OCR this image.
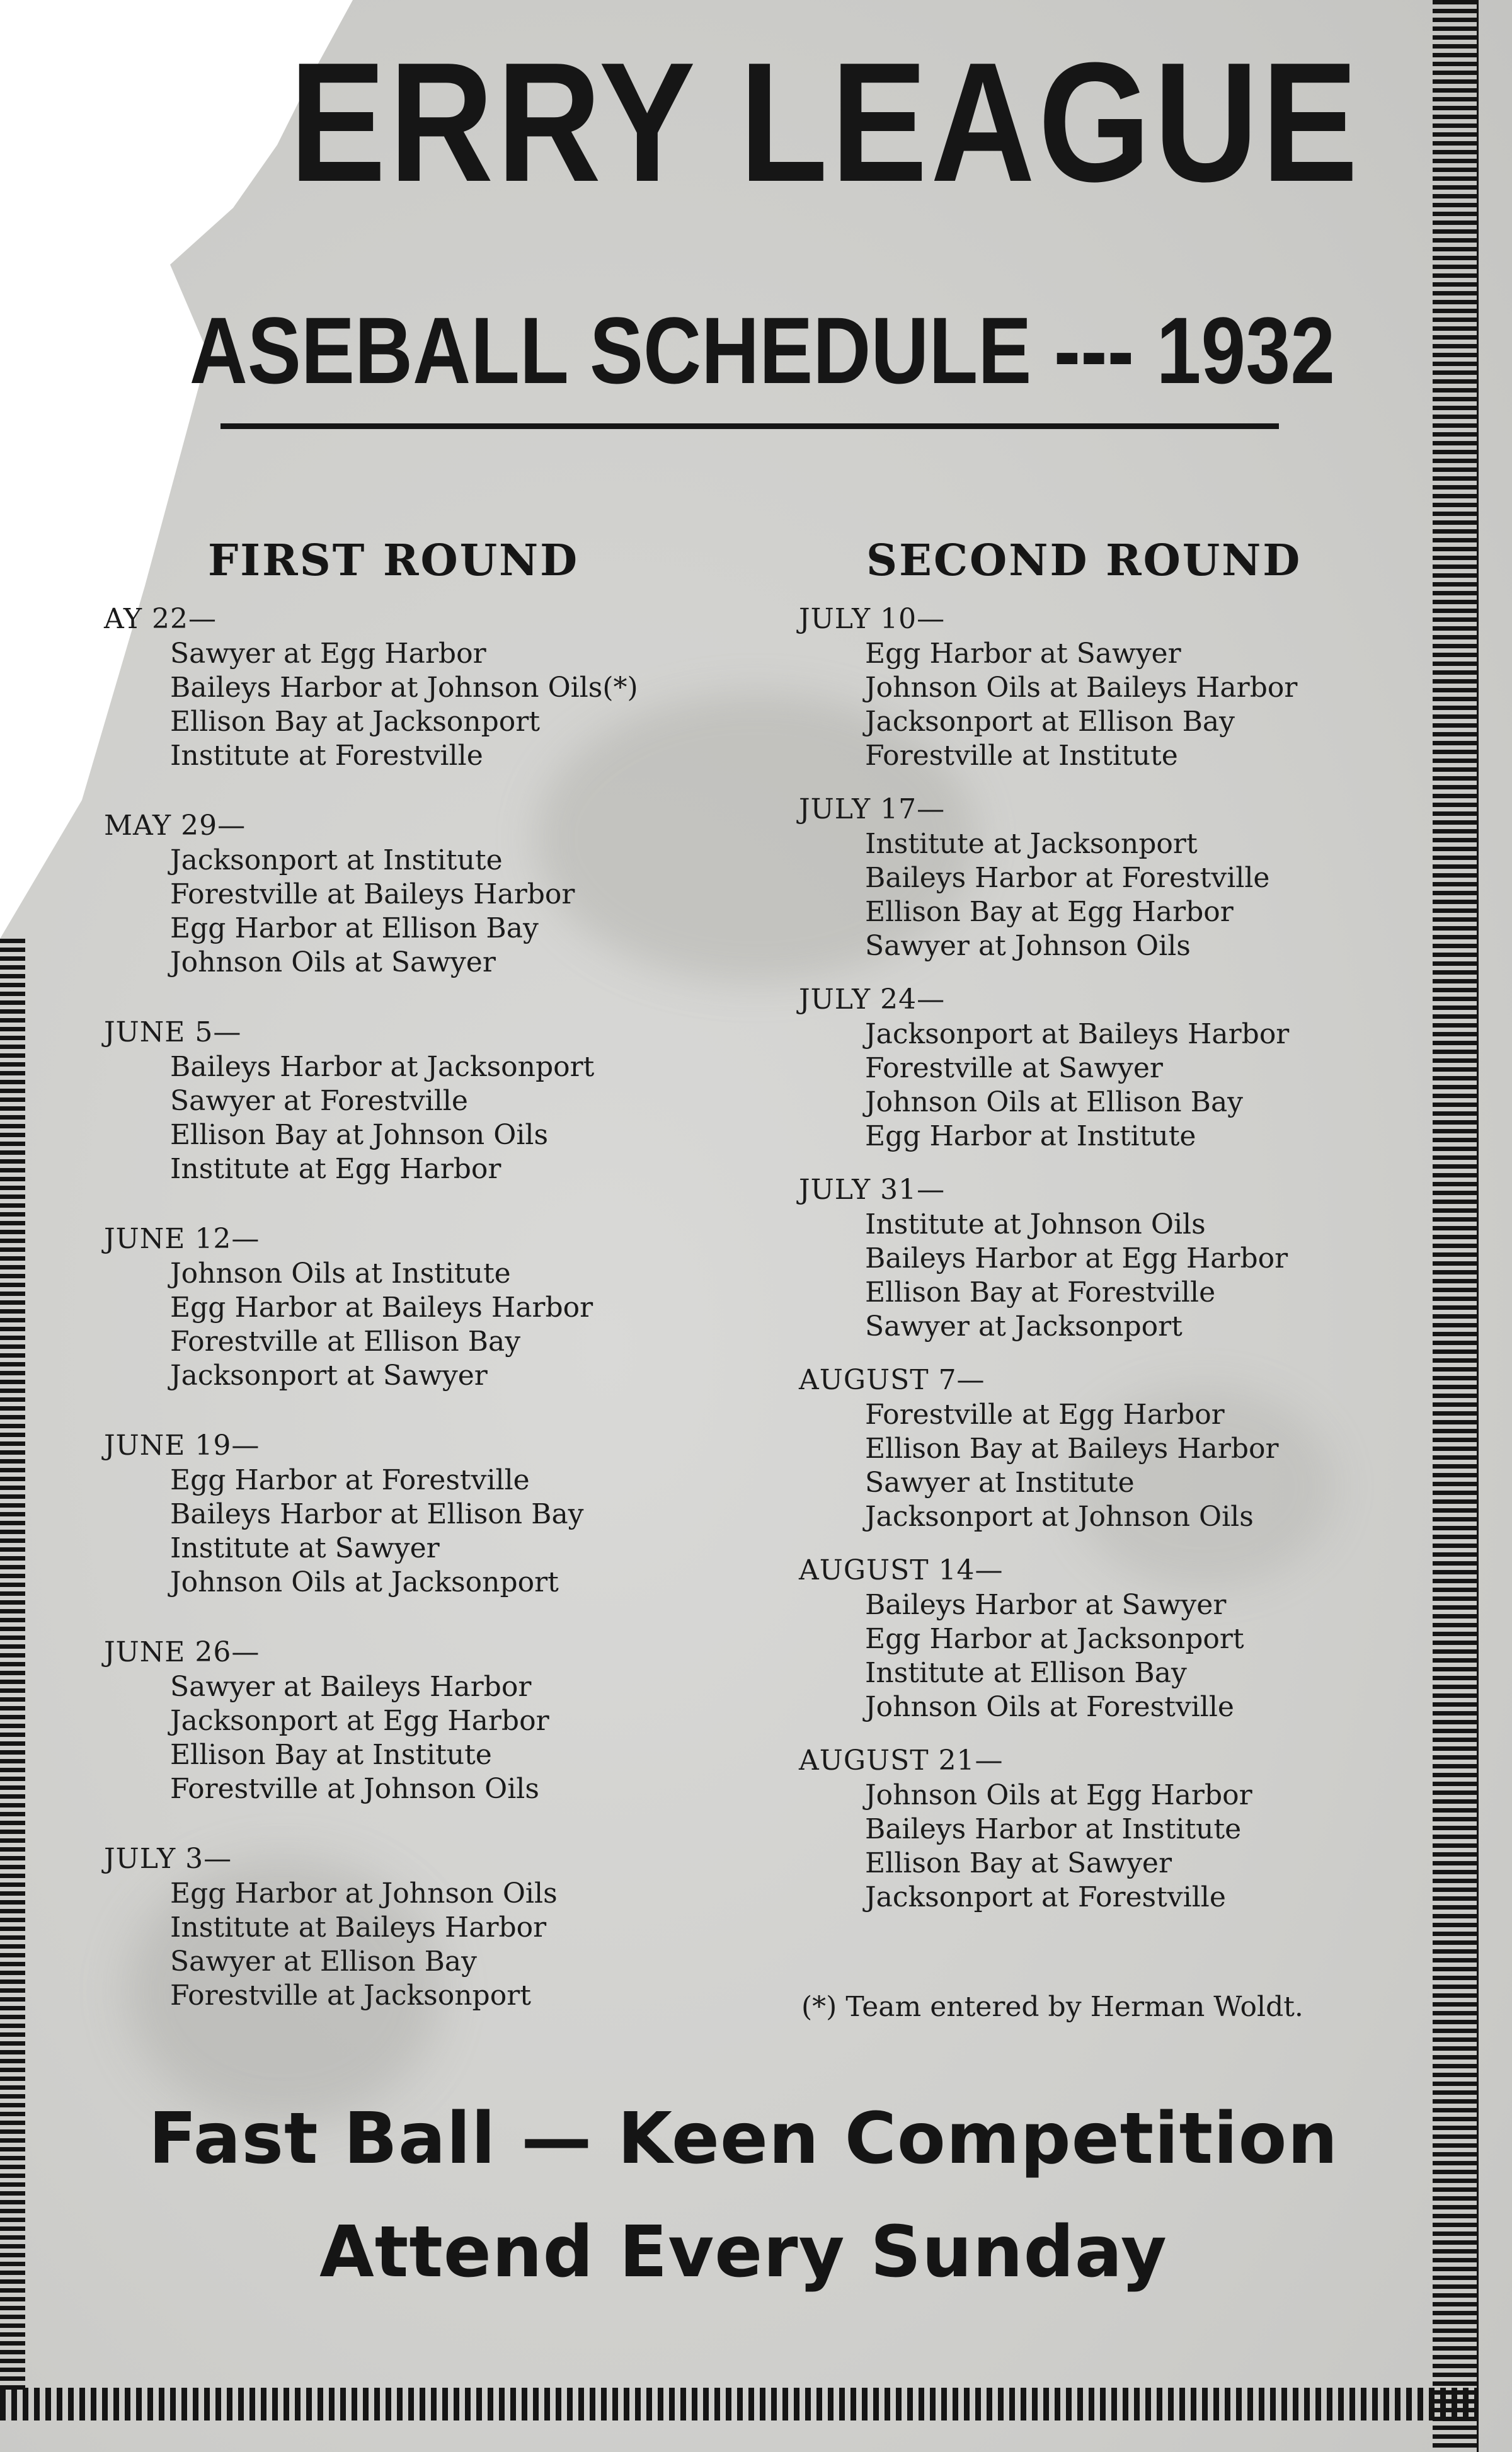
ERRY LEAGUE
ASEBALL SCHEDULE --- 1932
FIRST ROUND	SECOND ROUND
AY 22—
Sawyer at Egg Harbor
Baileys Harbor at Johnson Oils(*)
Ellison Bay at Jacksonport
Institute at Forestville
MAY 29—
Jacksonport at Institute
Forestville at Baileys Harbor
Egg Harbor at Ellison Bay
Johnson Oils at Sawyer
JUNE 5—
Baileys Harbor at Jacksonport
Sawyer at Forestville
Ellison Bay at Johnson Oils
Institute at Egg Harbor
JUNE 12—
Johnson Oils at Institute
Egg Harbor at Baileys Harbor
Forestville at Ellison Bay
Jacksonport at Sawyer
JUNE 19—
Egg Harbor at Forestville
Baileys Harbor at Ellison Bay
Institute at Sawyer
Johnson Oils at Jacksonport
JUNE 26—
Sawyer at Baileys Harbor
Jacksonport at Egg Harbor
Ellison Bay at Institute
Forestville at Johnson Oils
JULY 3—
Egg Harbor at Johnson Oils
Institute at Baileys Harbor
Sawyer at Ellison Bay
Forestville at Jacksonport
JULY 10—
Egg Harbor at Sawyer
Johnson Oils at Baileys Harbor
Jacksonport at Ellison Bay
Forestville at Institute
JULY 17—
Institute at Jacksonport
Baileys Harbor at Forestville
Ellison Bay at Egg Harbor
Sawyer at Johnson Oils
JULY 24—
Jacksonport at Baileys Harbor
Forestville at Sawyer
Johnson Oils at Ellison Bay
Egg Harbor at Institute
JULY 31—
Institute at Johnson Oils
Baileys Harbor at Egg Harbor
Ellison Bay at Forestville
Sawyer at Jacksonport
AUGUST 7—
Forestville at Egg Harbor
Ellison Bay at Baileys Harbor
Sawyer at Institute
Jacksonport at Johnson Oils
AUGUST 14—
Baileys Harbor at Sawyer
Egg Harbor at Jacksonport
Institute at Ellison Bay
Johnson Oils at Forestville
AUGUST 21—
Johnson Oils at Egg Harbor
Baileys Harbor at Institute
Ellison Bay at Sawyer
Jacksonport at Forestville
(*) Team entered by Herman Woldt.
Fast Ball — Keen Competition
Attend Every Sunday
